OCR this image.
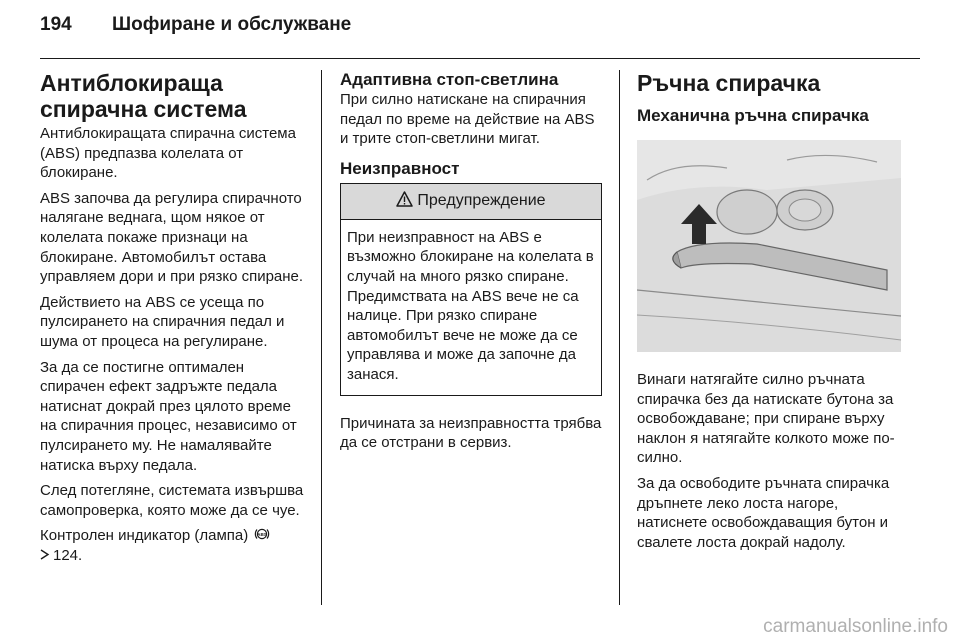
194	Шофиране и обслужване
Антиблокираща
спирачна система

Антиблокиращата спирачна система (ABS) предпазва колелата от блокиране.

ABS започва да регулира спирачното налягане веднага, щом някое от колелата покаже признаци на блокиране. Автомобилът остава управляем дори и при рязко спиране.

Действието на ABS се усеща по пулсирането на спирачния педал и шума от процеса на регулиране.

За да се постигне оптимален спирачен ефект задръжте педала натиснат докрай през цялото време на спирачния процес, независимо от пулсирането му. Не намалявайте натиска върху педала.

След потегляне, системата извършва самопроверка, която може да се чуе.

Контролен индикатор (лампа) ABS

124.

Адаптивна стоп-светлина

При силно натискане на спирачния педал по време на действие на ABS и трите стоп-светлини мигат.

Неизправност
Предупреждение
При неизправност на ABS е възможно блокиране на колелата в случай на много рязко спиране. Предимствата на ABS вече не са налице. При рязко спиране автомобилът вече не може да се управлява и може да започне да занася.

Причината за неизправността трябва да се отстрани в сервиз.

Ръчна спирачка
Механична ръчна спирачка

Винаги натягайте силно ръчната спирачка без да натискате бутона за освобождаване; при спиране върху наклон я натягайте колкото може по-силно.

За да освободите ръчната спирачка дръпнете леко лоста нагоре, натиснете освобождаващия бутон и свалете лоста докрай надолу.

carmanualsonline.info
